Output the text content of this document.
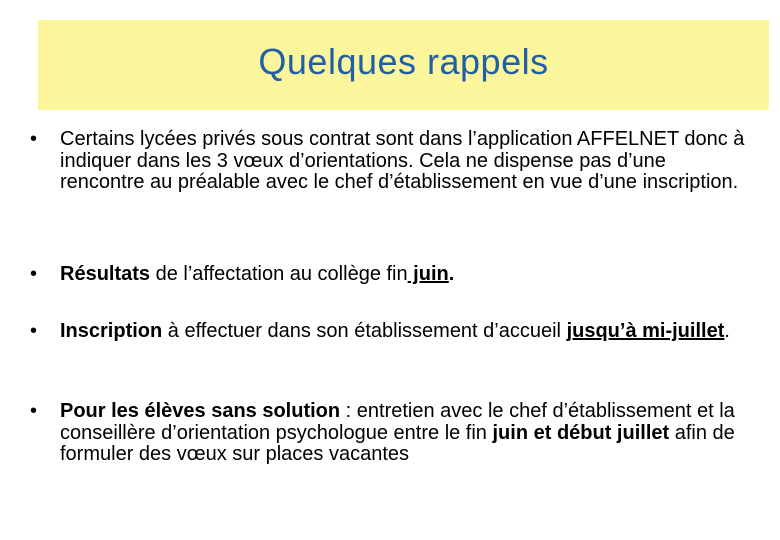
Quelques rappels
•	Certains lycées privés sous contrat sont dans l’application AFFELNET donc à indiquer dans les 3 vœux d’orientations. Cela ne dispense pas d’une rencontre au préalable avec le chef d’établissement en vue d’une inscription.
•	Résultats de l’affectation au collège fin juin.
•	Inscription à effectuer dans son établissement d’accueil jusqu’à mi-juillet.
•	Pour les élèves sans solution : entretien avec le chef d’établissement et la conseillère d’orientation psychologue entre le fin juin et début juillet afin de formuler des vœux sur places vacantes
